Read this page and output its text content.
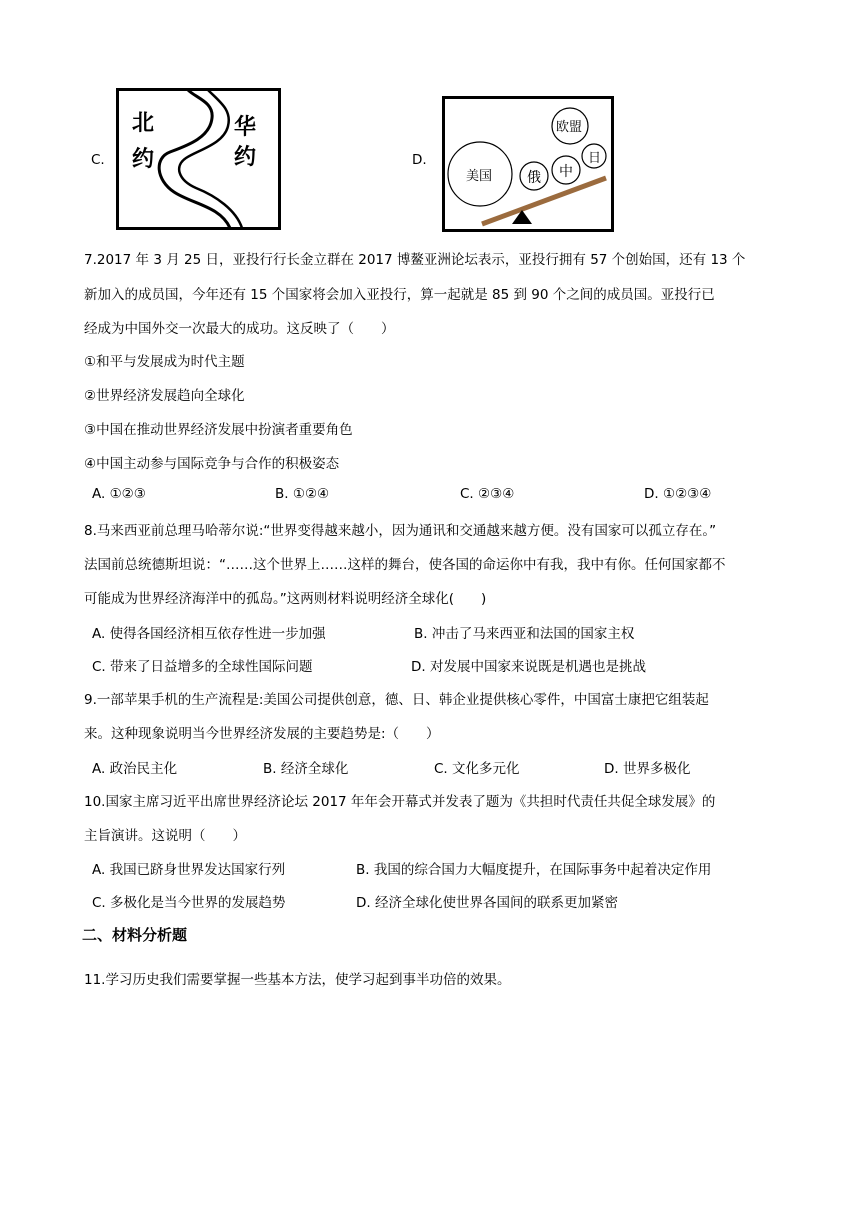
C.
北
约
华
约	D.
美国 俄 中
欧盟
日
7.2017 年 3 月 25 日，亚投行行长金立群在 2017 博鳌亚洲论坛表示，亚投行拥有 57 个创始国，还有 13 个
新加入的成员国，今年还有 15 个国家将会加入亚投行，算一起就是 85 到 90 个之间的成员国。亚投行已
经成为中国外交一次最大的成功。这反映了（　　）
①和平与发展成为时代主题
②世界经济发展趋向全球化
③中国在推动世界经济发展中扮演者重要角色
④中国主动参与国际竞争与合作的积极姿态
A. ①②③	B. ①②④	C. ②③④	D. ①②③④
8.马来西亚前总理马哈蒂尔说:“世界变得越来越小，因为通讯和交通越来越方便。没有国家可以孤立存在。”
法国前总统德斯坦说：“……这个世界上……这样的舞台，使各国的命运你中有我，我中有你。任何国家都不
可能成为世界经济海洋中的孤岛。”这两则材料说明经济全球化(　　)
A. 使得各国经济相互依存性进一步加强	B. 冲击了马来西亚和法国的国家主权
C. 带来了日益增多的全球性国际问题	D. 对发展中国家来说既是机遇也是挑战
9.一部苹果手机的生产流程是:美国公司提供创意，德、日、韩企业提供核心零件，中国富士康把它组装起
来。这种现象说明当今世界经济发展的主要趋势是:（　　）
A. 政治民主化	B. 经济全球化	C. 文化多元化	D. 世界多极化
10.国家主席习近平出席世界经济论坛 2017 年年会开幕式并发表了题为《共担时代责任共促全球发展》的
主旨演讲。这说明（　　）
A. 我国已跻身世界发达国家行列	B. 我国的综合国力大幅度提升，在国际事务中起着决定作用
C. 多极化是当今世界的发展趋势	D. 经济全球化使世界各国间的联系更加紧密
二、材料分析题
11.学习历史我们需要掌握一些基本方法，使学习起到事半功倍的效果。
